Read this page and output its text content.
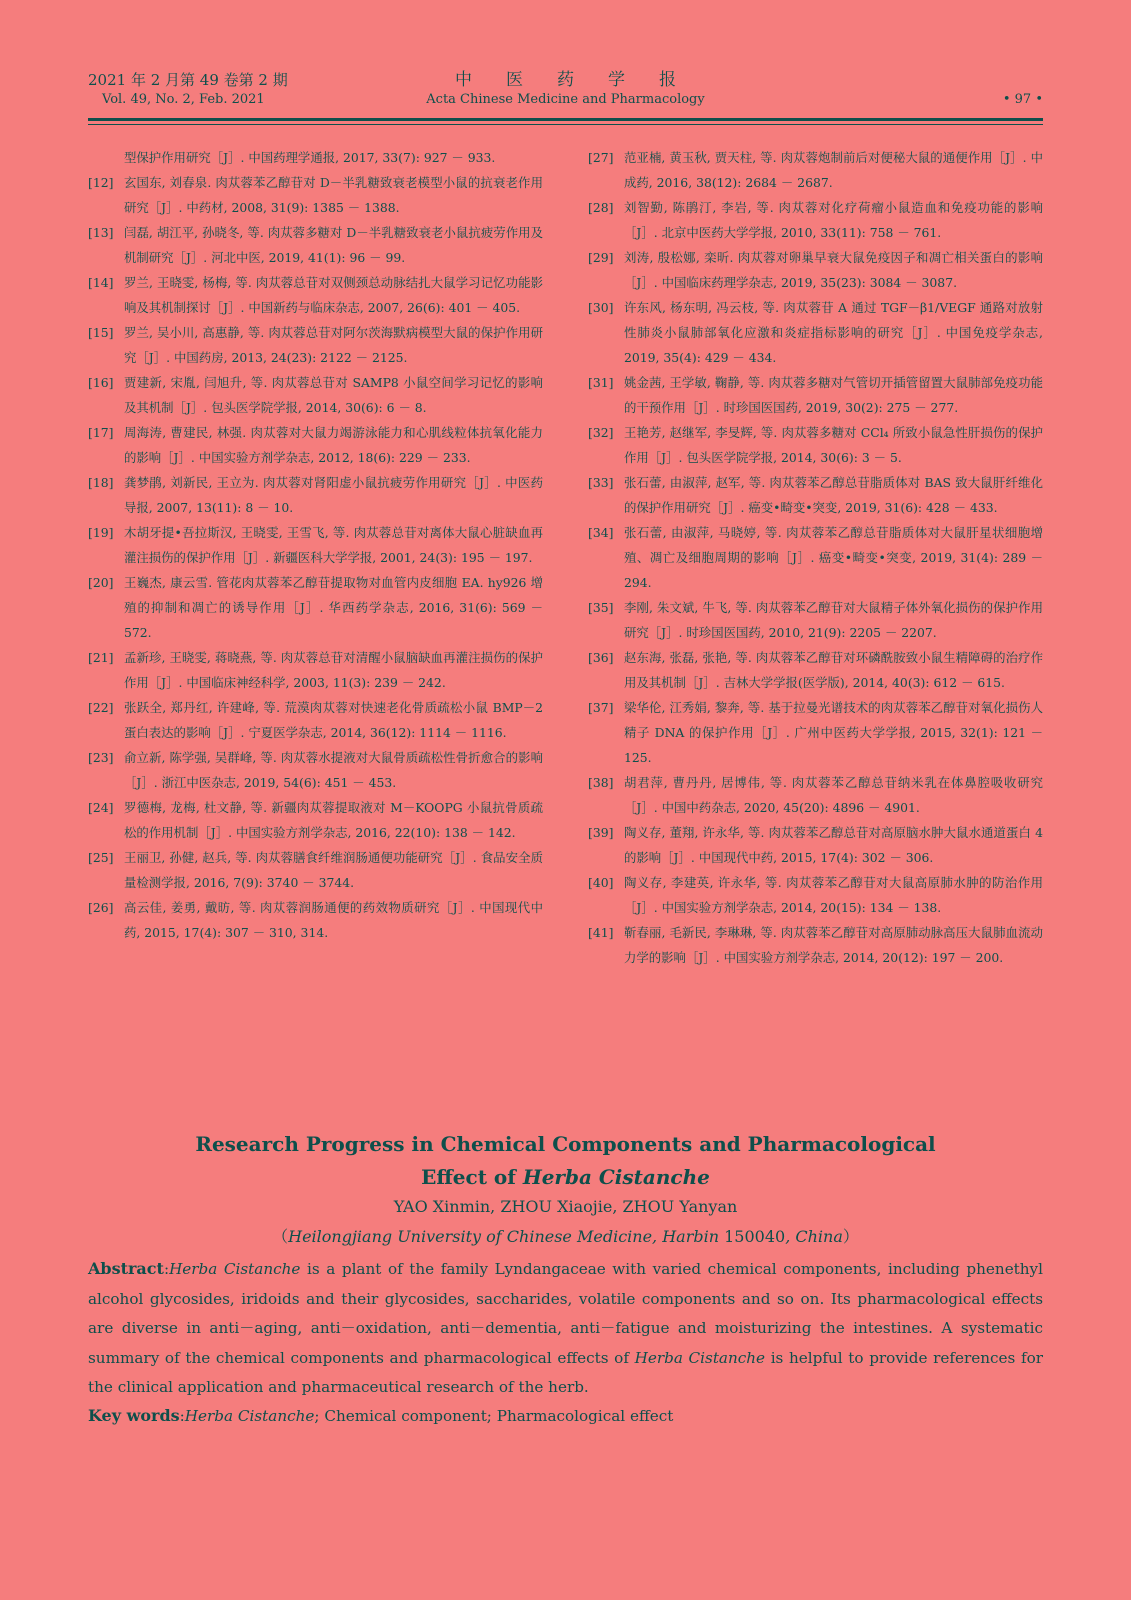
2021 年 2 月第 49 卷第 2 期
Vol. 49, No. 2, Feb. 2021
中　　医　　药　　学　　报
Acta Chinese Medicine and Pharmacology	• 97 •

型保护作用研究［J］. 中国药理学通报, 2017, 33(7): 927 － 933.

[12] 玄国东, 刘春泉. 肉苁蓉苯乙醇苷对 D－半乳糖致衰老模型小鼠的抗衰老作用研究［J］. 中药材, 2008, 31(9): 1385 － 1388.

[13] 闫磊, 胡江平, 孙晓冬, 等. 肉苁蓉多糖对 D－半乳糖致衰老小鼠抗疲劳作用及机制研究［J］. 河北中医, 2019, 41(1): 96 － 99.

[14] 罗兰, 王晓雯, 杨梅, 等. 肉苁蓉总苷对双侧颈总动脉结扎大鼠学习记忆功能影响及其机制探讨［J］. 中国新药与临床杂志, 2007, 26(6): 401 － 405.

[15] 罗兰, 吴小川, 高惠静, 等. 肉苁蓉总苷对阿尔茨海默病模型大鼠的保护作用研究［J］. 中国药房, 2013, 24(23): 2122 － 2125.

[16] 贾建新, 宋胤, 闫旭升, 等. 肉苁蓉总苷对 SAMP8 小鼠空间学习记忆的影响及其机制［J］. 包头医学院学报, 2014, 30(6): 6 － 8.

[17] 周海涛, 曹建民, 林强. 肉苁蓉对大鼠力竭游泳能力和心肌线粒体抗氧化能力的影响［J］. 中国实验方剂学杂志, 2012, 18(6): 229 － 233.

[18] 龚梦鹃, 刘新民, 王立为. 肉苁蓉对肾阳虚小鼠抗疲劳作用研究［J］. 中医药导报, 2007, 13(11): 8 － 10.

[19] 木胡牙提•吾拉斯汉, 王晓雯, 王雪飞, 等. 肉苁蓉总苷对离体大鼠心脏缺血再灌注损伤的保护作用［J］. 新疆医科大学学报, 2001, 24(3): 195 － 197.

[20] 王巍杰, 康云雪. 管花肉苁蓉苯乙醇苷提取物对血管内皮细胞 EA. hy926 增殖的抑制和凋亡的诱导作用［J］. 华西药学杂志, 2016, 31(6): 569 － 572.

[21] 孟新珍, 王晓雯, 蒋晓燕, 等. 肉苁蓉总苷对清醒小鼠脑缺血再灌注损伤的保护作用［J］. 中国临床神经科学, 2003, 11(3): 239 － 242.

[22] 张跃全, 郑丹红, 许建峰, 等. 荒漠肉苁蓉对快速老化骨质疏松小鼠 BMP－2 蛋白表达的影响［J］. 宁夏医学杂志, 2014, 36(12): 1114 － 1116.

[23] 俞立新, 陈学强, 吴群峰, 等. 肉苁蓉水提液对大鼠骨质疏松性骨折愈合的影响［J］. 浙江中医杂志, 2019, 54(6): 451 － 453.

[24] 罗德梅, 龙梅, 杜文静, 等. 新疆肉苁蓉提取液对 M－KOOPG 小鼠抗骨质疏松的作用机制［J］. 中国实验方剂学杂志, 2016, 22(10): 138 － 142.

[25] 王丽卫, 孙健, 赵兵, 等. 肉苁蓉膳食纤维润肠通便功能研究［J］. 食品安全质量检测学报, 2016, 7(9): 3740 － 3744.

[26] 高云佳, 姜勇, 戴昉, 等. 肉苁蓉润肠通便的药效物质研究［J］. 中国现代中药, 2015, 17(4): 307 － 310, 314.

[27] 范亚楠, 黄玉秋, 贾天柱, 等. 肉苁蓉炮制前后对便秘大鼠的通便作用［J］. 中成药, 2016, 38(12): 2684 － 2687.

[28] 刘智勤, 陈鹃汀, 李岩, 等. 肉苁蓉对化疗荷瘤小鼠造血和免疫功能的影响［J］. 北京中医药大学学报, 2010, 33(11): 758 － 761.

[29] 刘涛, 殷松娜, 栾昕. 肉苁蓉对卵巢早衰大鼠免疫因子和凋亡相关蛋白的影响［J］. 中国临床药理学杂志, 2019, 35(23): 3084 － 3087.

[30] 许东风, 杨东明, 冯云枝, 等. 肉苁蓉苷 A 通过 TGF－β1/VEGF 通路对放射性肺炎小鼠肺部氧化应激和炎症指标影响的研究［J］. 中国免疫学杂志, 2019, 35(4): 429 － 434.

[31] 姚金茜, 王学敏, 鞠静, 等. 肉苁蓉多糖对气管切开插管留置大鼠肺部免疫功能的干预作用［J］. 时珍国医国药, 2019, 30(2): 275 － 277.

[32] 王艳芳, 赵继军, 李旻辉, 等. 肉苁蓉多糖对 CCl₄ 所致小鼠急性肝损伤的保护作用［J］. 包头医学院学报, 2014, 30(6): 3 － 5.

[33] 张石蕾, 由淑萍, 赵军, 等. 肉苁蓉苯乙醇总苷脂质体对 BAS 致大鼠肝纤维化的保护作用研究［J］. 癌变•畸变•突变, 2019, 31(6): 428 － 433.

[34] 张石蕾, 由淑萍, 马晓婷, 等. 肉苁蓉苯乙醇总苷脂质体对大鼠肝星状细胞增殖、凋亡及细胞周期的影响［J］. 癌变•畸变•突变, 2019, 31(4): 289 － 294.

[35] 李刚, 朱文斌, 牛飞, 等. 肉苁蓉苯乙醇苷对大鼠精子体外氧化损伤的保护作用研究［J］. 时珍国医国药, 2010, 21(9): 2205 － 2207.

[36] 赵东海, 张磊, 张艳, 等. 肉苁蓉苯乙醇苷对环磷酰胺致小鼠生精障碍的治疗作用及其机制［J］. 吉林大学学报(医学版), 2014, 40(3): 612 － 615.

[37] 梁华伦, 江秀娟, 黎奔, 等. 基于拉曼光谱技术的肉苁蓉苯乙醇苷对氧化损伤人精子 DNA 的保护作用［J］. 广州中医药大学学报, 2015, 32(1): 121 － 125.

[38] 胡君萍, 曹丹丹, 居博伟, 等. 肉苁蓉苯乙醇总苷纳米乳在体鼻腔吸收研究［J］. 中国中药杂志, 2020, 45(20): 4896 － 4901.

[39] 陶义存, 董翔, 许永华, 等. 肉苁蓉苯乙醇总苷对高原脑水肿大鼠水通道蛋白 4 的影响［J］. 中国现代中药, 2015, 17(4): 302 － 306.

[40] 陶义存, 李建英, 许永华, 等. 肉苁蓉苯乙醇苷对大鼠高原肺水肿的防治作用［J］. 中国实验方剂学杂志, 2014, 20(15): 134 － 138.

[41] 靳春丽, 毛新民, 李琳琳, 等. 肉苁蓉苯乙醇苷对高原肺动脉高压大鼠肺血流动力学的影响［J］. 中国实验方剂学杂志, 2014, 20(12): 197 － 200.

Research Progress in Chemical Components and Pharmacological
Effect of Herba Cistanche
YAO Xinmin, ZHOU Xiaojie, ZHOU Yanyan
（Heilongjiang University of Chinese Medicine, Harbin 150040, China）
Abstract:Herba Cistanche is a plant of the family Lyndangaceae with varied chemical components, including phenethyl alcohol glycosides, iridoids and their glycosides, saccharides, volatile components and so on. Its pharmacological effects are diverse in anti－aging, anti－oxidation, anti－dementia, anti－fatigue and moisturizing the intestines. A systematic summary of the chemical components and pharmacological effects of Herba Cistanche is helpful to provide references for the clinical application and pharmaceutical research of the herb.
Key words:Herba Cistanche; Chemical component; Pharmacological effect
